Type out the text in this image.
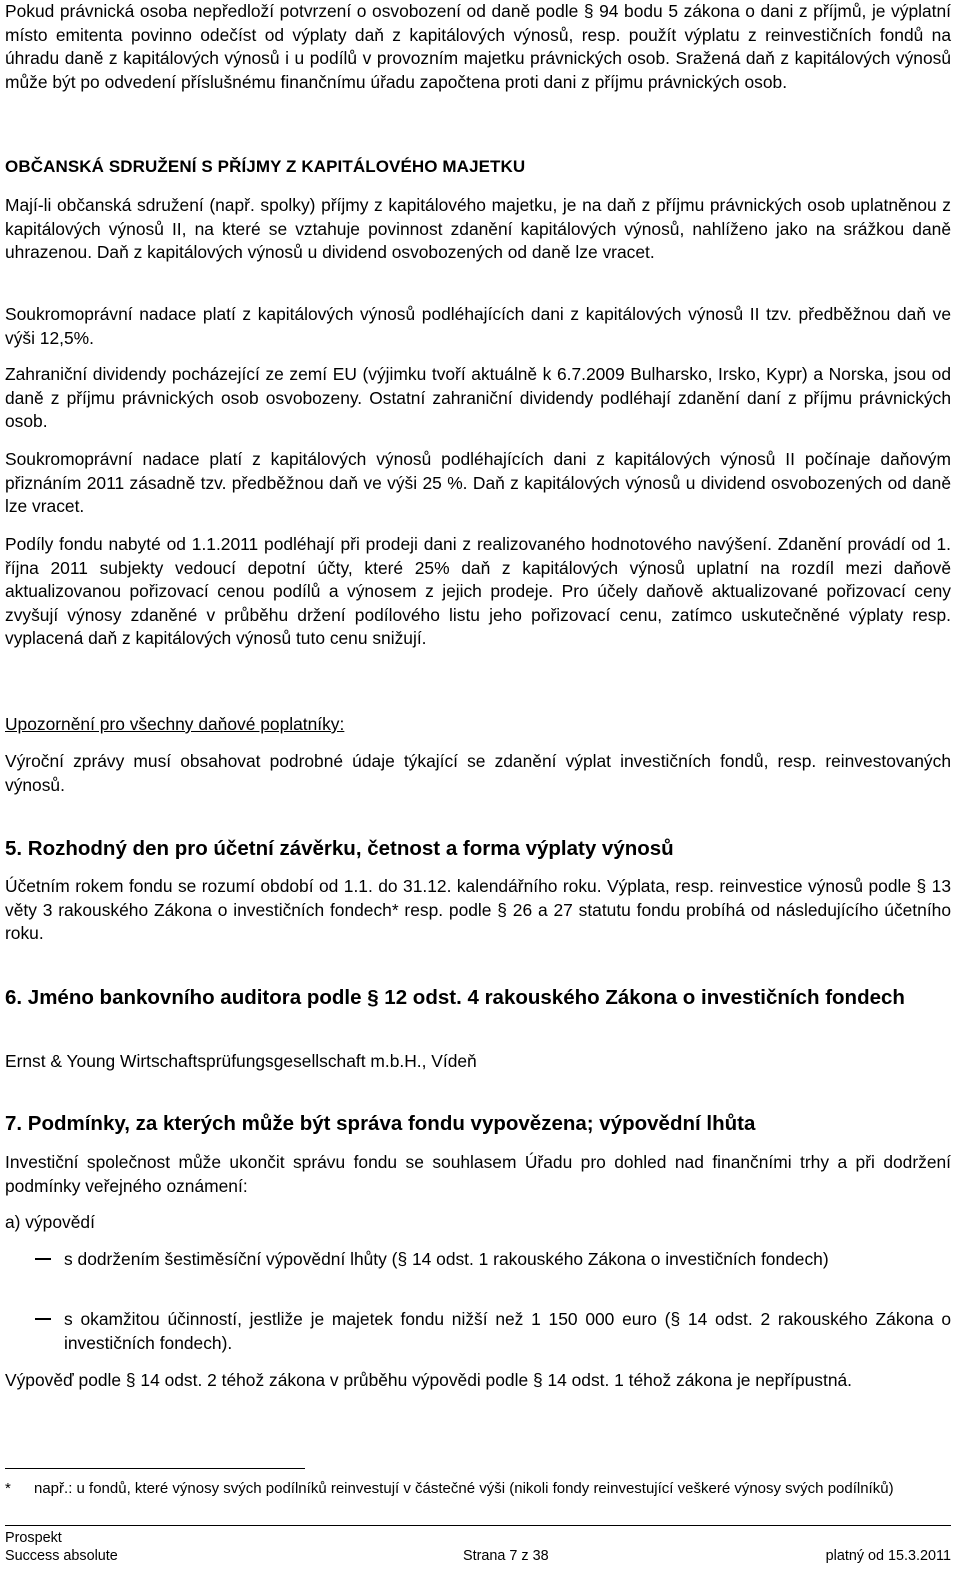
Pokud právnická osoba nepředloží potvrzení o osvobození od daně podle § 94 bodu 5 zákona o dani z příjmů, je výplatní místo emitenta povinno odečíst od výplaty daň z kapitálových výnosů, resp. použít výplatu z reinvestičních fondů na úhradu daně z kapitálových výnosů i u podílů v provozním majetku právnických osob. Sražená daň z kapitálových výnosů může být po odvedení příslušnému finančnímu úřadu započtena proti dani z příjmu právnických osob.

OBČANSKÁ SDRUŽENÍ S PŘÍJMY Z KAPITÁLOVÉHO MAJETKU

Mají-li občanská sdružení (např. spolky) příjmy z kapitálového majetku, je na daň z příjmu právnických osob uplatněnou z kapitálových výnosů II, na které se vztahuje povinnost zdanění kapitálových výnosů, nahlíženo jako na srážkou daně uhrazenou. Daň z kapitálových výnosů u dividend osvobozených od daně lze vracet.

Soukromoprávní nadace platí z kapitálových výnosů podléhajících dani z kapitálových výnosů II tzv. předběžnou daň ve výši 12,5%.

Zahraniční dividendy pocházející ze zemí EU (výjimku tvoří aktuálně k 6.7.2009 Bulharsko, Irsko, Kypr) a Norska, jsou od daně z příjmu právnických osob osvobozeny. Ostatní zahraniční dividendy podléhají zdanění daní z příjmu právnických osob.

Soukromoprávní nadace platí z kapitálových výnosů podléhajících dani z kapitálových výnosů II počínaje daňovým přiznáním 2011 zásadně tzv. předběžnou daň ve výši 25 %. Daň z kapitálových výnosů u dividend osvobozených od daně lze vracet.

Podíly fondu nabyté od 1.1.2011 podléhají při prodeji dani z realizovaného hodnotového navýšení. Zdanění provádí od 1. října 2011 subjekty vedoucí depotní účty, které 25% daň z kapitálových výnosů uplatní na rozdíl mezi daňově aktualizovanou pořizovací cenou podílů a výnosem z jejich prodeje. Pro účely daňově aktualizované pořizovací ceny zvyšují výnosy zdaněné v průběhu držení podílového listu jeho pořizovací cenu, zatímco uskutečněné výplaty resp. vyplacená daň z kapitálových výnosů tuto cenu snižují.

Upozornění pro všechny daňové poplatníky:

Výroční zprávy musí obsahovat podrobné údaje týkající se zdanění výplat investičních fondů, resp. reinvestovaných výnosů.

5. Rozhodný den pro účetní závěrku, četnost a forma výplaty výnosů

Účetním rokem fondu se rozumí období od 1.1. do 31.12. kalendářního roku. Výplata, resp. reinvestice výnosů podle § 13 věty 3 rakouského Zákona o investičních fondech* resp. podle § 26 a 27 statutu fondu probíhá od následujícího účetního roku.

6. Jméno bankovního auditora podle § 12 odst. 4 rakouského Zákona o investičních fondech

Ernst & Young Wirtschaftsprüfungsgesellschaft m.b.H., Vídeň

7. Podmínky, za kterých může být správa fondu vypovězena; výpovědní lhůta

Investiční společnost může ukončit správu fondu se souhlasem Úřadu pro dohled nad finančními trhy a při dodržení podmínky veřejného oznámení:

a) výpovědí

s dodržením šestiměsíční výpovědní lhůty (§ 14 odst. 1 rakouského Zákona o investičních fondech)

s okamžitou účinností, jestliže je majetek fondu nižší než 1 150 000 euro (§ 14 odst. 2 rakouského Zákona o investičních fondech).

Výpověď podle § 14 odst. 2 téhož zákona v průběhu výpovědi podle § 14 odst. 1 téhož zákona je nepřípustná.

* např.: u fondů, které výnosy svých podílníků reinvestují v částečné výši (nikoli fondy reinvestující veškeré výnosy svých podílníků)
Prospekt
Success absolute	Strana 7 z 38	platný od 15.3.2011
